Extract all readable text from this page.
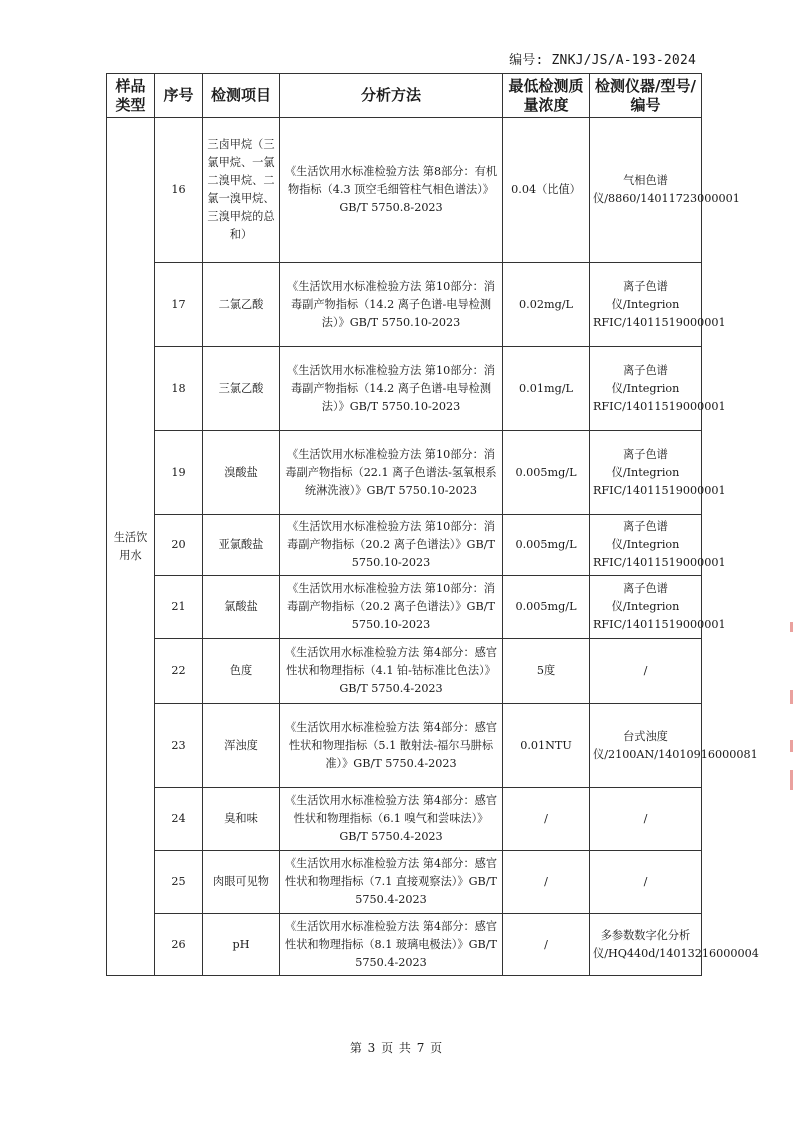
编号: ZNKJ/JS/A-193-2024
样品类型	序号	检测项目	分析方法	最低检测质量浓度	检测仪器/型号/编号
生活饮用水	16	三卤甲烷（三氯甲烷、一氯二溴甲烷、二氯一溴甲烷、三溴甲烷的总和）	《生活饮用水标准检验方法 第8部分：有机物指标（4.3 顶空毛细管柱气相色谱法）》GB/T 5750.8-2023	0.04（比值）	气相色谱仪/8860/14011723000001
	17	二氯乙酸	《生活饮用水标准检验方法 第10部分：消毒副产物指标（14.2 离子色谱-电导检测法）》GB/T 5750.10-2023	0.02mg/L	离子色谱仪/Integrion RFIC/14011519000001
	18	三氯乙酸	《生活饮用水标准检验方法 第10部分：消毒副产物指标（14.2 离子色谱-电导检测法）》GB/T 5750.10-2023	0.01mg/L	离子色谱仪/Integrion RFIC/14011519000001
	19	溴酸盐	《生活饮用水标准检验方法 第10部分：消毒副产物指标（22.1 离子色谱法-氢氧根系统淋洗液）》GB/T 5750.10-2023	0.005mg/L	离子色谱仪/Integrion RFIC/14011519000001
	20	亚氯酸盐	《生活饮用水标准检验方法 第10部分：消毒副产物指标（20.2 离子色谱法）》GB/T 5750.10-2023	0.005mg/L	离子色谱仪/Integrion RFIC/14011519000001
	21	氯酸盐	《生活饮用水标准检验方法 第10部分：消毒副产物指标（20.2 离子色谱法）》GB/T 5750.10-2023	0.005mg/L	离子色谱仪/Integrion RFIC/14011519000001
	22	色度	《生活饮用水标准检验方法 第4部分：感官性状和物理指标（4.1 铂-钴标准比色法）》GB/T 5750.4-2023	5度	/
	23	浑浊度	《生活饮用水标准检验方法 第4部分：感官性状和物理指标（5.1 散射法-福尔马肼标准）》GB/T 5750.4-2023	0.01NTU	台式浊度仪/2100AN/14010916000081
	24	臭和味	《生活饮用水标准检验方法 第4部分：感官性状和物理指标（6.1 嗅气和尝味法）》GB/T 5750.4-2023	/	/
	25	肉眼可见物	《生活饮用水标准检验方法 第4部分：感官性状和物理指标（7.1 直接观察法）》GB/T 5750.4-2023	/	/
	26	pH	《生活饮用水标准检验方法 第4部分：感官性状和物理指标（8.1 玻璃电极法）》GB/T 5750.4-2023	/	多参数数字化分析仪/HQ440d/14013216000004
第 3 页 共 7 页
